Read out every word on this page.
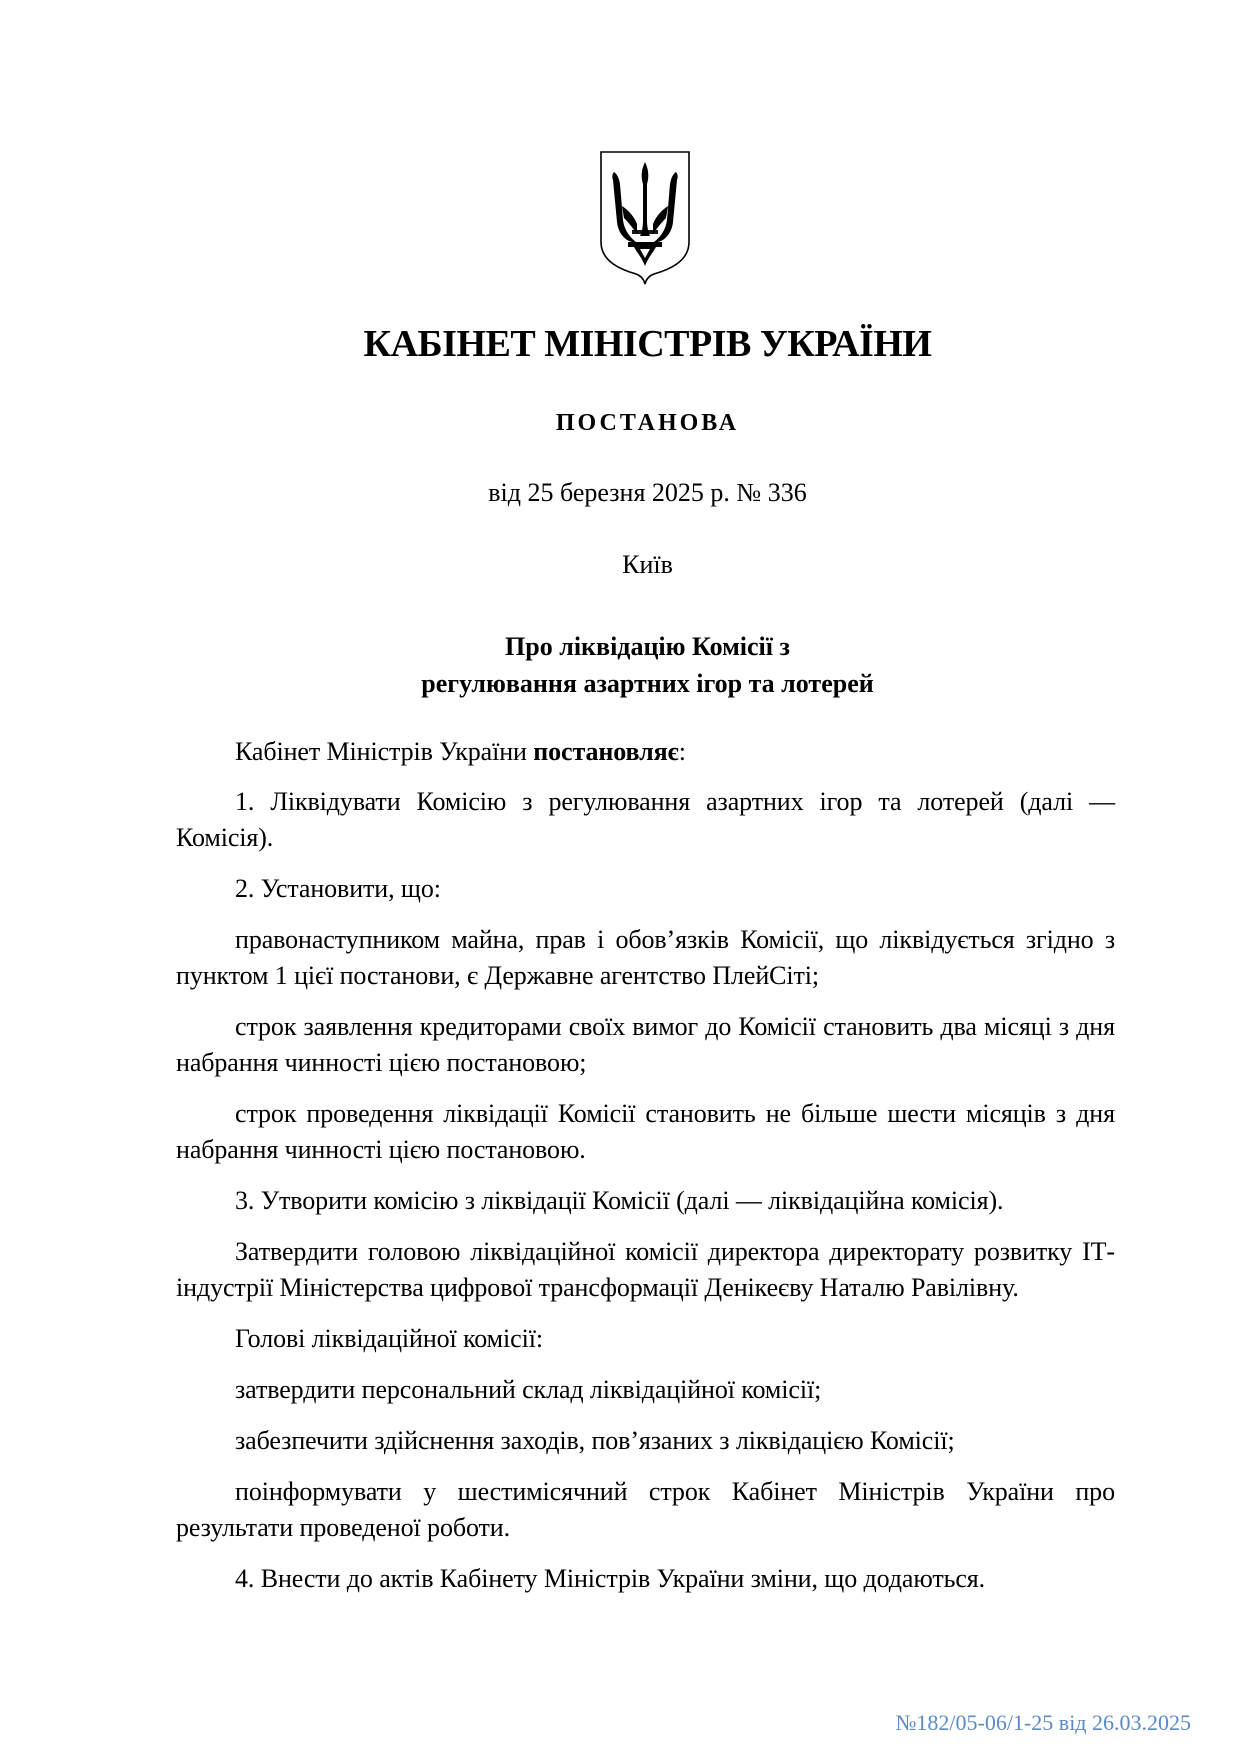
КАБІНЕТ МІНІСТРІВ УКРАЇНИ
ПОСТАНОВА
від 25 березня 2025 р. № 336
Київ
Про ліквідацію Комісії з
регулювання азартних ігор та лотерей

Кабінет Міністрів України постановляє:

1. Ліквідувати Комісію з регулювання азартних ігор та лотерей (далі — Комісія).

2. Установити, що:

правонаступником майна, прав і обов’язків Комісії, що ліквідується згідно з пунктом 1 цієї постанови, є Державне агентство ПлейСіті;

строк заявлення кредиторами своїх вимог до Комісії становить два місяці з дня набрання чинності цією постановою;

строк проведення ліквідації Комісії становить не більше шести місяців з дня набрання чинності цією постановою.

3. Утворити комісію з ліквідації Комісії (далі — ліквідаційна комісія).

Затвердити головою ліквідаційної комісії директора директорату розвитку ІТ-індустрії Міністерства цифрової трансформації Денікеєву Наталю Равілівну.

Голові ліквідаційної комісії:

затвердити персональний склад ліквідаційної комісії;

забезпечити здійснення заходів, пов’язаних з ліквідацією Комісії;

поінформувати у шестимісячний строк Кабінет Міністрів України про результати проведеної роботи.

4. Внести до актів Кабінету Міністрів України зміни, що додаються.

№182/05-06/1-25 від 26.03.2025
